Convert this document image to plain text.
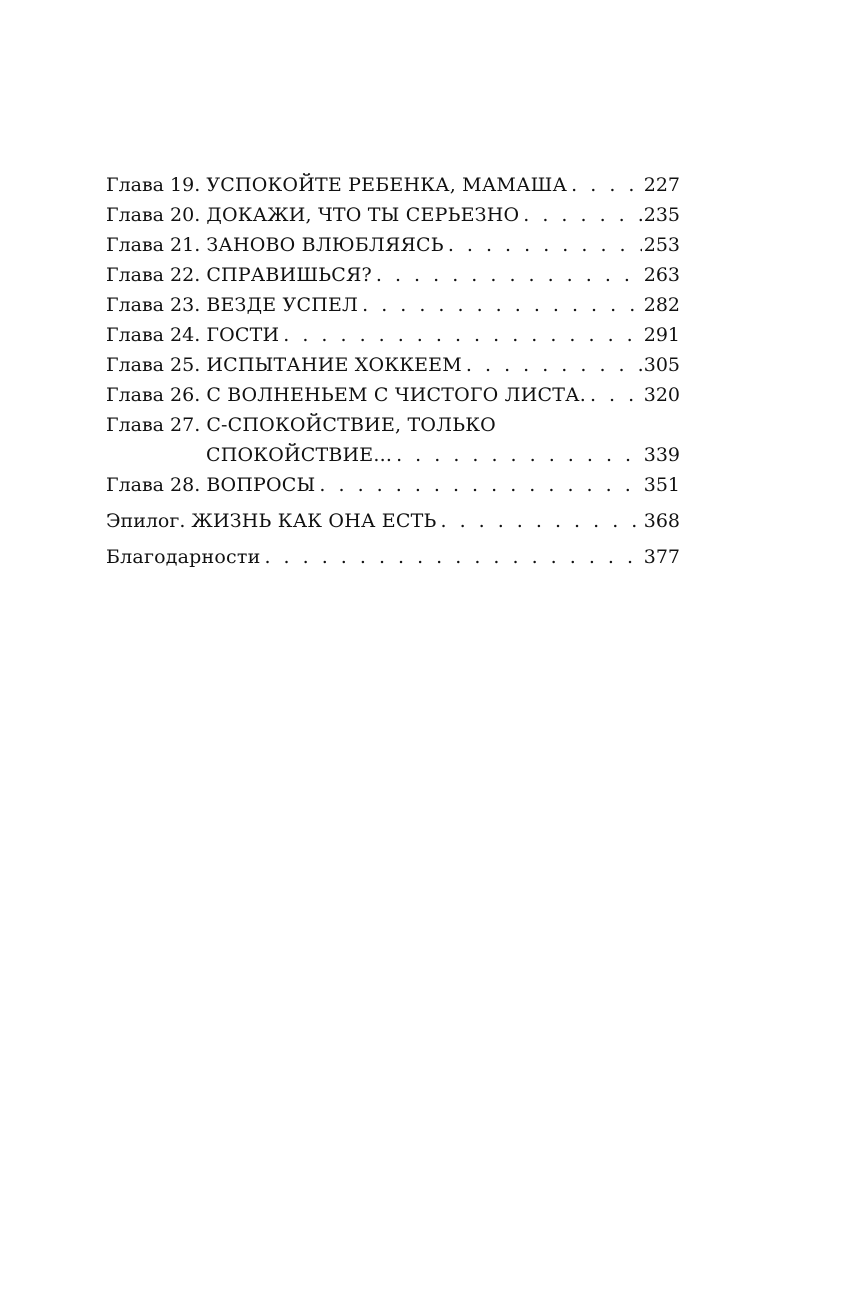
Глава 19. УСПОКОЙТЕ РЕБЕНКА, МАМАША . . .	227
Глава 20. ДОКАЖИ, ЧТО ТЫ СЕРЬЕЗНО . . .	235
Глава 21. ЗАНОВО ВЛЮБЛЯЯСЬ . . .	253
Глава 22. СПРАВИШЬСЯ? . . .	263
Глава 23. ВЕЗДЕ УСПЕЛ . . .	282
Глава 24. ГОСТИ . . .	291
Глава 25. ИСПЫТАНИЕ ХОККЕЕМ . . .	305
Глава 26. С ВОЛНЕНЬЕМ С ЧИСТОГО ЛИСТА. . . .	320
Глава 27. С-СПОКОЙСТВИЕ, ТОЛЬКО
СПОКОЙСТВИЕ... . . .	339
Глава 28. ВОПРОСЫ . . .	351
Эпилог. ЖИЗНЬ КАК ОНА ЕСТЬ . . .	368
Благодарности . . .	377
